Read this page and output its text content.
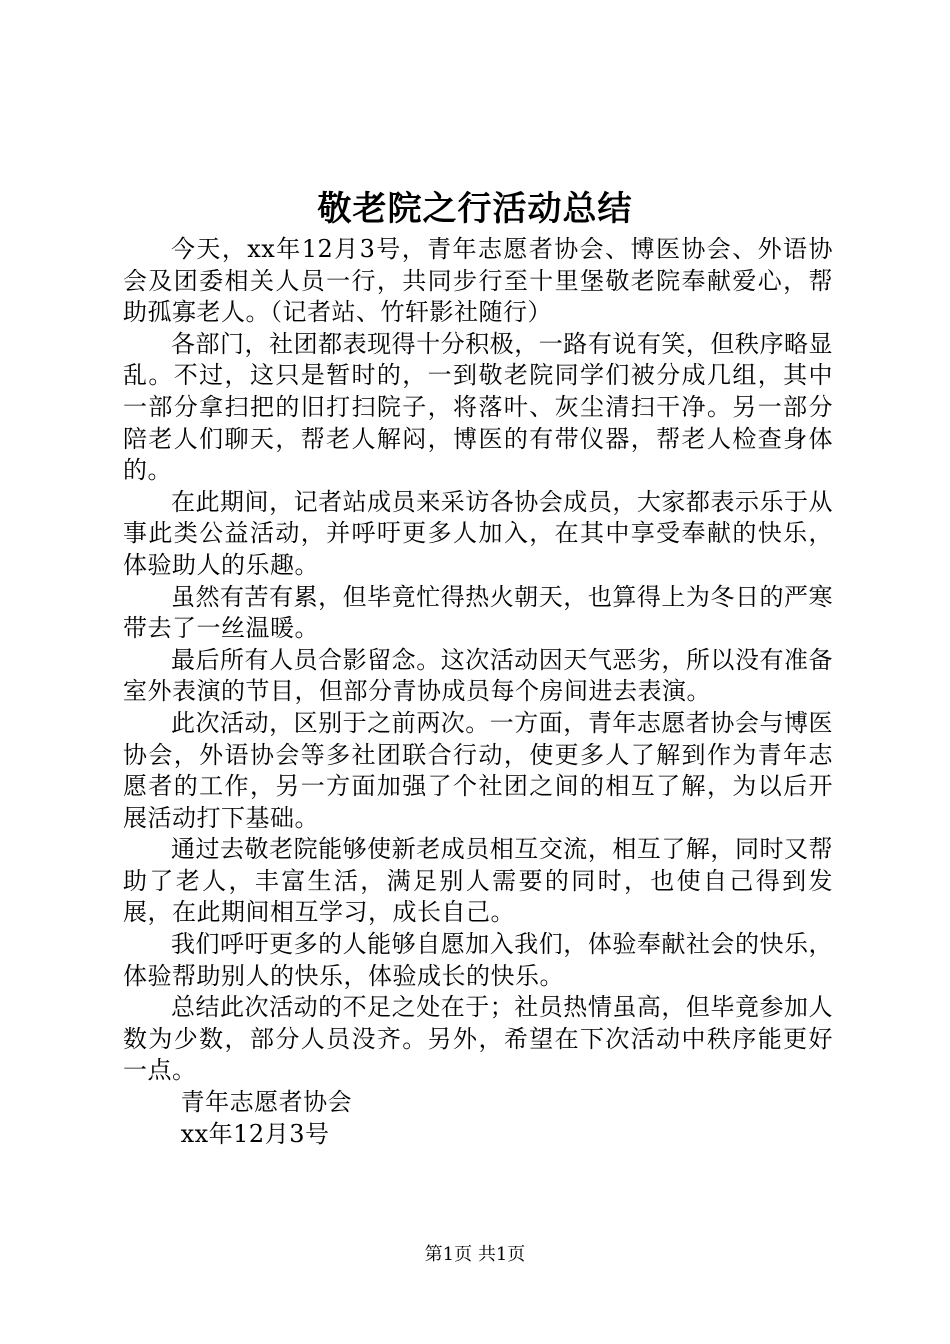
敬老院之行活动总结

今天，xx年12月3号，青年志愿者协会、博医协会、外语协会及团委相关人员一行，共同步行至十里堡敬老院奉献爱心，帮助孤寡老人。（记者站、竹轩影社随行）

各部门，社团都表现得十分积极，一路有说有笑，但秩序略显乱。不过，这只是暂时的，一到敬老院同学们被分成几组，其中一部分拿扫把的旧打扫院子，将落叶、灰尘清扫干净。另一部分陪老人们聊天，帮老人解闷，博医的有带仪器，帮老人检查身体的。

在此期间，记者站成员来采访各协会成员，大家都表示乐于从事此类公益活动，并呼吁更多人加入，在其中享受奉献的快乐，体验助人的乐趣。

虽然有苦有累，但毕竟忙得热火朝天，也算得上为冬日的严寒带去了一丝温暖。

最后所有人员合影留念。这次活动因天气恶劣，所以没有准备室外表演的节目，但部分青协成员每个房间进去表演。

此次活动，区别于之前两次。一方面，青年志愿者协会与博医协会，外语协会等多社团联合行动，使更多人了解到作为青年志愿者的工作，另一方面加强了个社团之间的相互了解，为以后开展活动打下基础。

通过去敬老院能够使新老成员相互交流，相互了解，同时又帮助了老人，丰富生活，满足别人需要的同时，也使自己得到发展，在此期间相互学习，成长自己。

我们呼吁更多的人能够自愿加入我们，体验奉献社会的快乐，体验帮助别人的快乐，体验成长的快乐。

总结此次活动的不足之处在于；社员热情虽高，但毕竟参加人数为少数，部分人员没齐。另外，希望在下次活动中秩序能更好一点。

青年志愿者协会

xx年12月3号

第1页 共1页
